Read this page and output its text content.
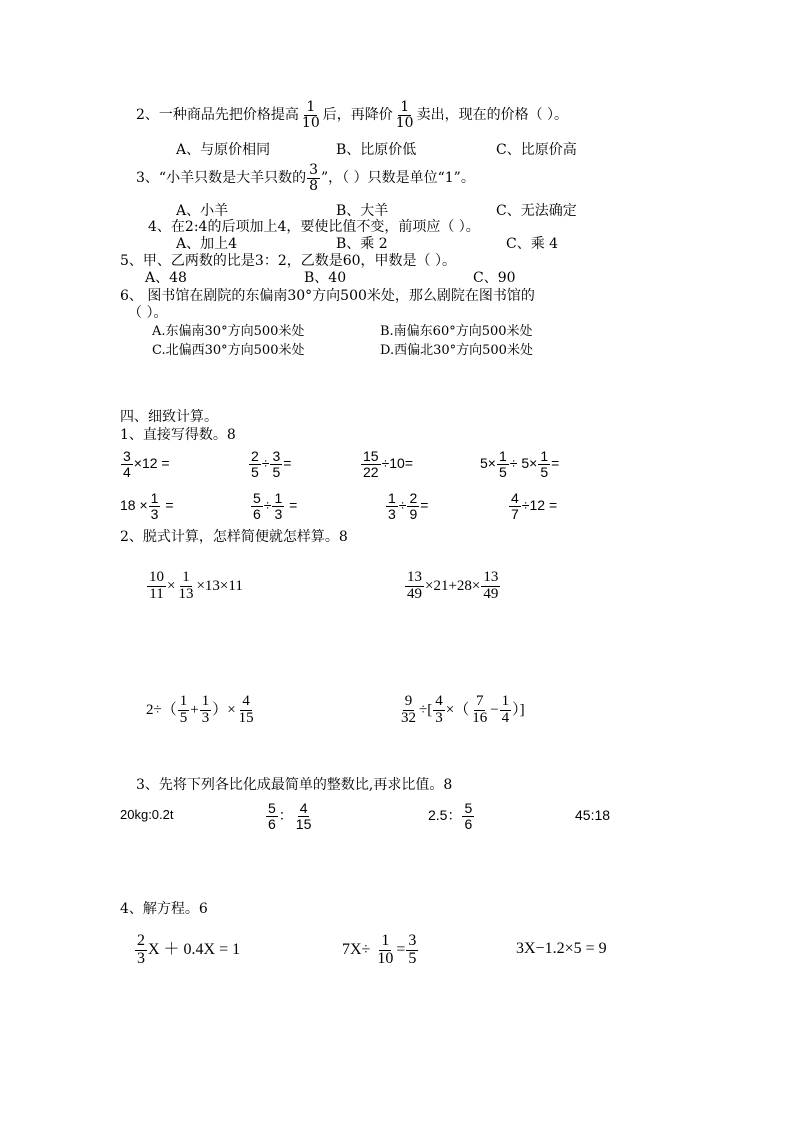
2、一种商品先把价格提高 $\frac{1}{10}$ 后，再降价 $\frac{1}{10}$ 卖出，现在的价格（ ）。
A、与原价相同	B、比原价低	C、比原价高
3、“小羊只数是大羊只数的 $\frac{3}{8}$ ”，（ ）只数是单位“1”。
A、小羊	B、大羊	C、无法确定
4、在2:4的后项加上4，要使比值不变，前项应（ ）。
A、加上4	B、乘 2	C、乘 4
5、甲、乙两数的比是3：2，乙数是60，甲数是（ ）。
A、48	B、40	C、90
6、 图书馆在剧院的东偏南30°方向500米处，那么剧院在图书馆的
（ ）。
A.东偏南30°方向500米处	B.南偏东60°方向500米处
C.北偏西30°方向500米处	D.西偏北30°方向500米处
四、细致计算。
1、直接写得数。8
$\frac{3}{4} \times 12$ =	$\frac{2}{5} \div \frac{3}{5}$ =	$\frac{15}{22} \div 10=$	$5\times \frac{1}{5} \div 5\times \frac{1}{5}$ =
$18 \times \frac{1}{3}$ =	$\frac{5}{6} \div \frac{1}{3}$ =	$\frac{1}{3} \div \frac{2}{9}$ =	$\frac{4}{7} \div 12$ =
2、脱式计算，怎样简便就怎样算。8
$\frac{10}{11} \times \frac{1}{13} \times 13\times 11$	$\frac{13}{49} \times 21+28\times \frac{13}{49}$
$2\div( \frac{1}{5} + \frac{1}{3}$ ）× $\frac{4}{15}$	$\frac{9}{32}$ ÷[ $\frac{4}{3}$ ×（ $\frac{7}{16} - \frac{1}{4}$ ）]
3、先将下列各比化成最简单的整数比,再求比值。8
20kg:0.2t	$\frac{5}{6}$ ： $\frac{4}{15}$	2.5： $\frac{5}{6}$	45:18
4、解方程。6
$\frac{2}{3}$ X ＋ 0.4X = 1	$7X\div \frac{1}{10} = \frac{3}{5}$	3X−1.2×5 = 9
